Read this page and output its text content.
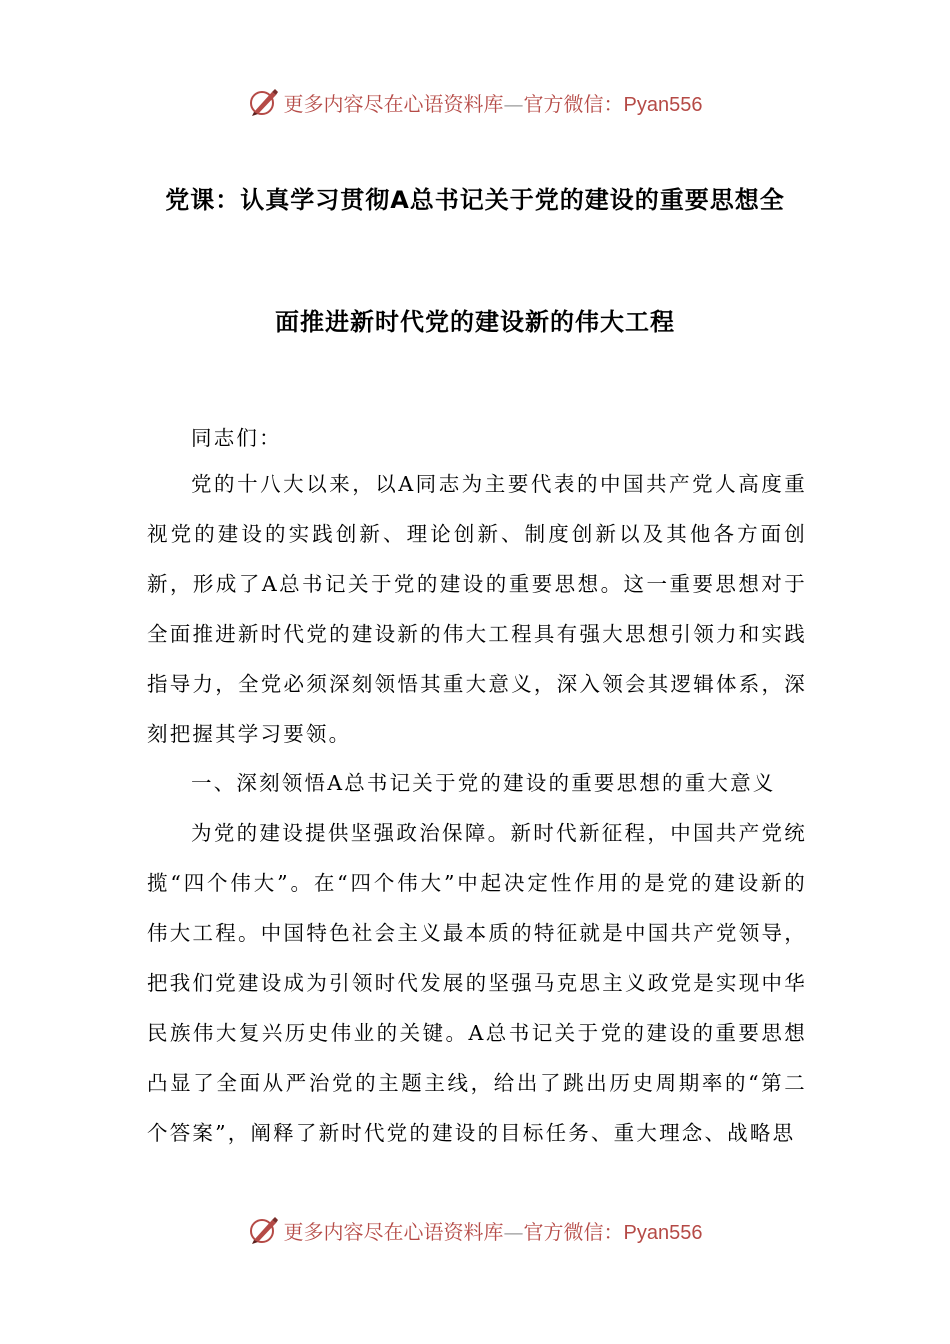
更多内容尽在心语资料库—官方微信：Pyan556
党课：认真学习贯彻A总书记关于党的建设的重要思想全
面推进新时代党的建设新的伟大工程

同志们：

党的十八大以来，以A同志为主要代表的中国共产党人高度重视党的建设的实践创新、理论创新、制度创新以及其他各方面创新，形成了A总书记关于党的建设的重要思想。这一重要思想对于全面推进新时代党的建设新的伟大工程具有强大思想引领力和实践指导力，全党必须深刻领悟其重大意义，深入领会其逻辑体系，深刻把握其学习要领。

一、深刻领悟A总书记关于党的建设的重要思想的重大意义

为党的建设提供坚强政治保障。新时代新征程，中国共产党统揽“四个伟大”。在“四个伟大”中起决定性作用的是党的建设新的伟大工程。中国特色社会主义最本质的特征就是中国共产党领导，把我们党建设成为引领时代发展的坚强马克思主义政党是实现中华民族伟大复兴历史伟业的关键。A总书记关于党的建设的重要思想凸显了全面从严治党的主题主线，给出了跳出历史周期率的“第二个答案”，阐释了新时代党的建设的目标任务、重大理念、战略思

更多内容尽在心语资料库—官方微信：Pyan556
